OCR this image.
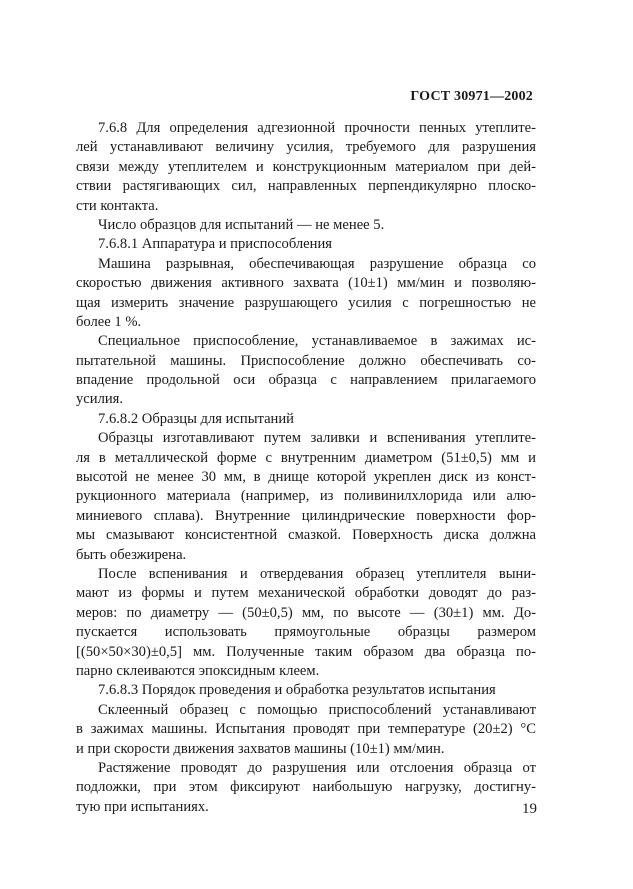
ГОСТ 30971—2002
7.6.8 Для определения адгезионной прочности пенных утеплите-
лей устанавливают величину усилия, требуемого для разрушения
связи между утеплителем и конструкционным материалом при дей-
ствии растягивающих сил, направленных перпендикулярно плоско-
сти контакта.
Число образцов для испытаний — не менее 5.
7.6.8.1 Аппаратура и приспособления
Машина разрывная, обеспечивающая разрушение образца со
скоростью движения активного захвата (10±1) мм/мин и позволяю-
щая измерить значение разрушающего усилия с погрешностью не
более 1 %.
Специальное приспособление, устанавливаемое в зажимах ис-
пытательной машины. Приспособление должно обеспечивать со-
впадение продольной оси образца с направлением прилагаемого
усилия.
7.6.8.2 Образцы для испытаний
Образцы изготавливают путем заливки и вспенивания утеплите-
ля в металлической форме с внутренним диаметром (51±0,5) мм и
высотой не менее 30 мм, в днище которой укреплен диск из конст-
рукционного материала (например, из поливинилхлорида или алю-
миниевого сплава). Внутренние цилиндрические поверхности фор-
мы смазывают консистентной смазкой. Поверхность диска должна
быть обезжирена.
После вспенивания и отвердевания образец утеплителя выни-
мают из формы и путем механической обработки доводят до раз-
меров: по диаметру — (50±0,5) мм, по высоте — (30±1) мм. До-
пускается использовать прямоугольные образцы размером
[(50×50×30)±0,5] мм. Полученные таким образом два образца по-
парно склеиваются эпоксидным клеем.
7.6.8.3 Порядок проведения и обработка результатов испытания
Склеенный образец с помощью приспособлений устанавливают
в зажимах машины. Испытания проводят при температуре (20±2) °С
и при скорости движения захватов машины (10±1) мм/мин.
Растяжение проводят до разрушения или отслоения образца от
подложки, при этом фиксируют наибольшую нагрузку, достигну-
тую при испытаниях.	19
